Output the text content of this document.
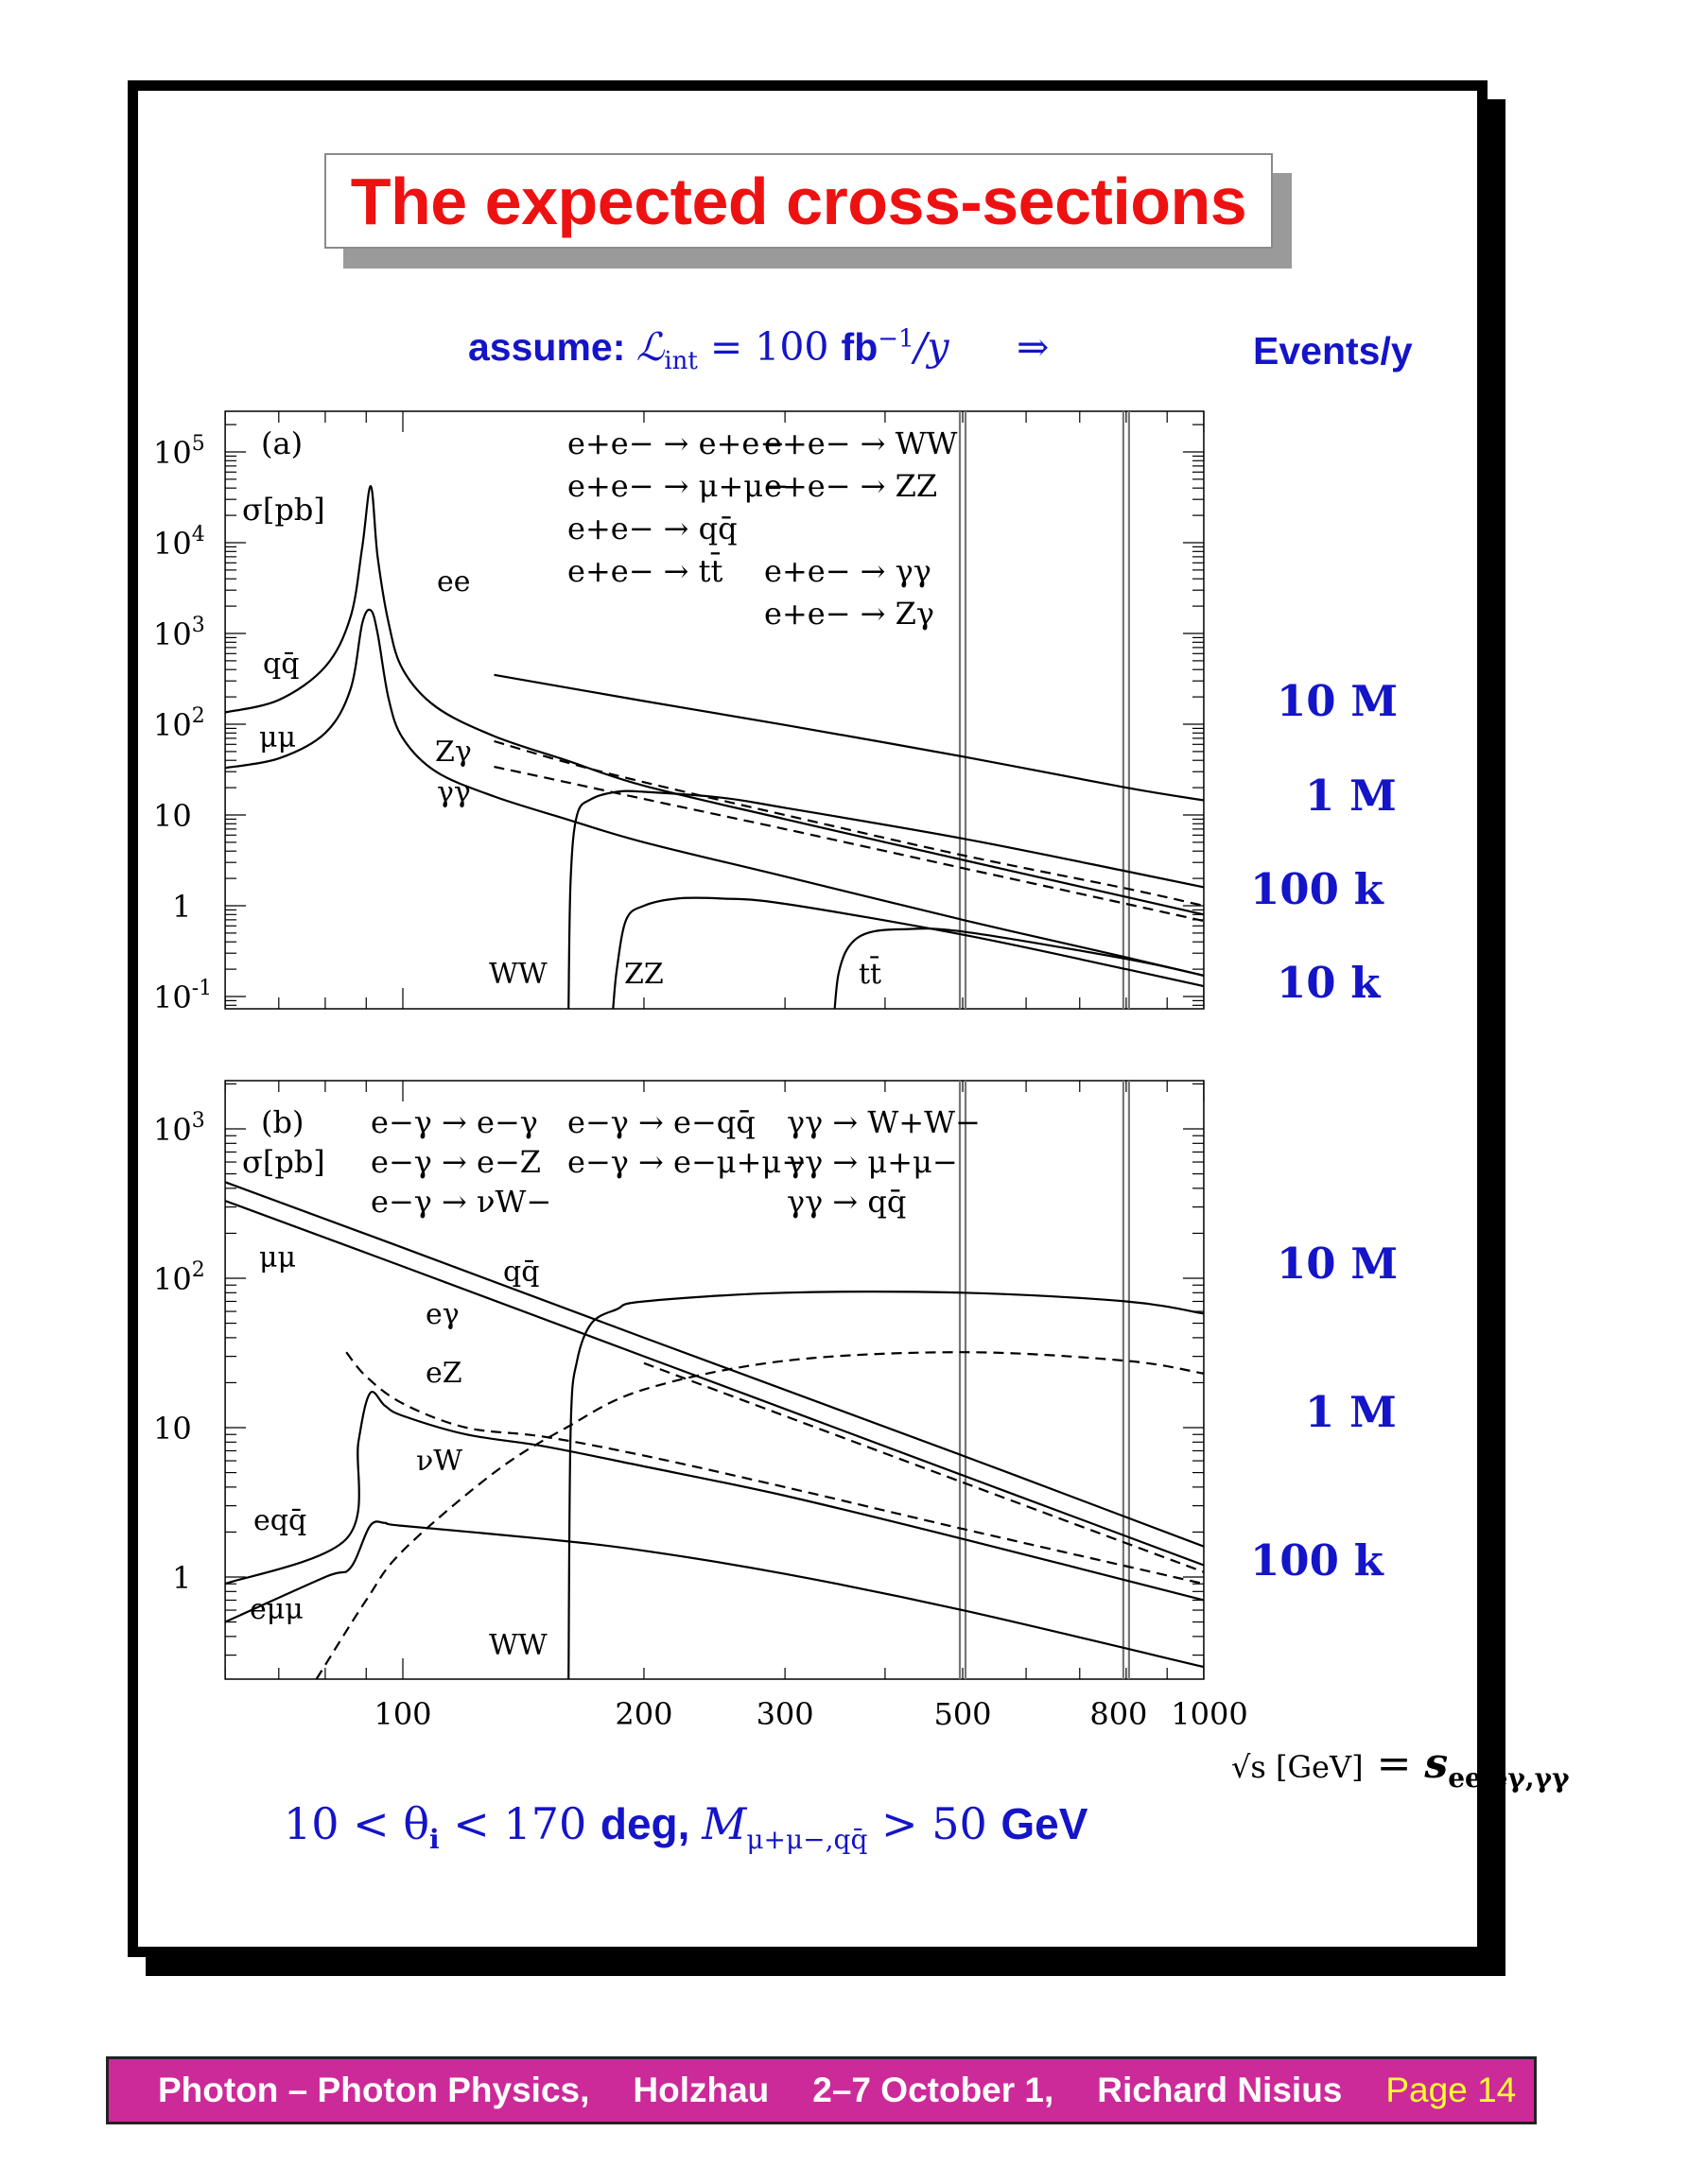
The expected cross-sections
assume: ℒ$_{int}$ = 100 $fb^{-1}/y$ ⇒	Events/y
10 M
1 M
100 k
10 k
10 M
1 M
100 k
$10^5$
$10^4$
$10^3$
$10^2$
10
1
$10^{-1}$
(a)
σ[pb]
e+e− → e+e−
e+e− → μ+μ−
e+e− → qq̄
e+e− → tt̄
e+e− → WW
e+e− → ZZ
e+e− → γγ
e+e− → Zγ
ee
qq̄
μμ	Zγ
γγ
WW	ZZ	tt̄
$10^3$
$10^2$
10
1
100	200	300	500	800 1000
(b)
σ[pb]
e−γ → e−γ
e−γ → e−Z
e−γ → νW−
e−γ → e−qq̄
e−γ → e−μ+μ−
γγ → W+W−
γγ → μ+μ−
γγ → qq̄
μμ	qq̄
eγ
eZ
νW
eqq̄
eμμ
WW
√s $[GeV] = s_{ee,e\gamma,\gamma\gamma}$
$10 < \theta_i < 170$ deg, $M_{\mu+\mu-,qq̄} > 50$ GeV
Photon – Photon Physics, Holzhau 2–7 October 1, Richard Nisius Page 14
